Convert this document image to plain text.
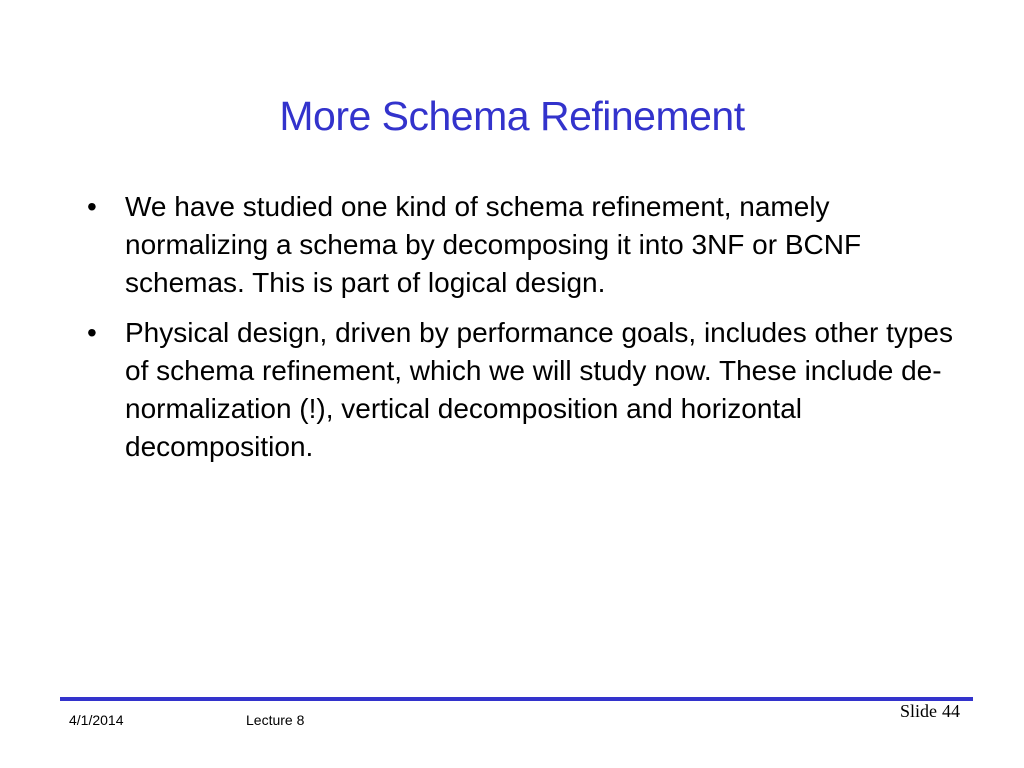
More Schema Refinement
• We have studied one kind of schema refinement, namely normalizing a schema by decomposing it into 3NF or BCNF schemas. This is part of logical design.
• Physical design, driven by performance goals, includes other types of schema refinement, which we will study now. These include de-normalization (!), vertical decomposition and horizontal decomposition.
4/1/2014	Lecture 8	Slide 44
